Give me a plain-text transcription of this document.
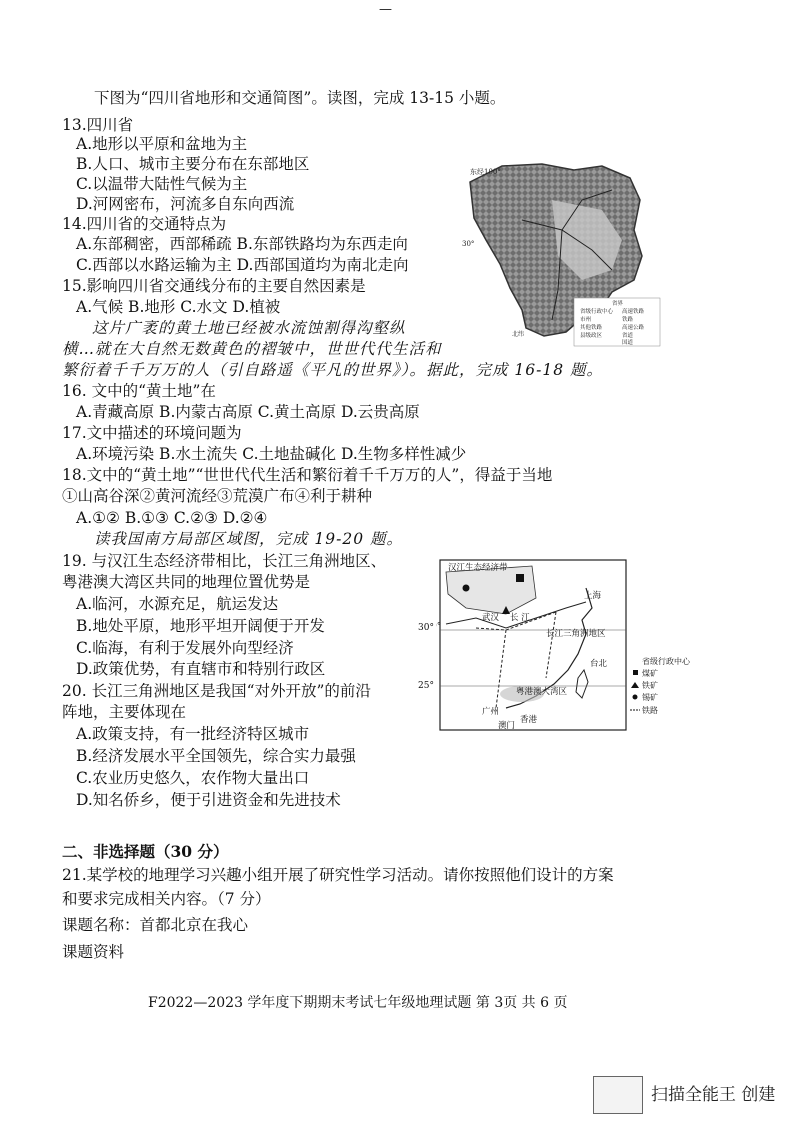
—
下图为“四川省地形和交通简图”。读图，完成 13-15 小题。
13.四川省
A.地形以平原和盆地为主
B.人口、城市主要分布在东部地区
C.以温带大陆性气候为主
D.河网密布，河流多自东向西流
14.四川省的交通特点为
A.东部稠密，西部稀疏 B.东部铁路均为东西走向
C.西部以水路运输为主 D.西部国道均为南北走向
15.影响四川省交通线分布的主要自然因素是
A.气候 B.地形 C.水文 D.植被
这片广袤的黄土地已经被水流蚀割得沟壑纵
横…就在大自然无数黄色的褶皱中，世世代代生活和
繁衍着千千万万的人（引自路遥《平凡的世界》）。据此，完成 16-18 题。
16. 文中的“黄土地”在
A.青藏高原 B.内蒙古高原 C.黄土高原 D.云贵高原
17.文中描述的环境问题为
A.环境污染 B.水土流失 C.土地盐碱化 D.生物多样性减少
18.文中的“黄土地”“世世代代生活和繁衍着千千万万的人”，得益于当地
①山高谷深②黄河流经③荒漠广布④利于耕种
A.①② B.①③ C.②③ D.②④
读我国南方局部区域图，完成 19-20 题。
19. 与汉江生态经济带相比，长江三角洲地区、
粤港澳大湾区共同的地理位置优势是
A.临河，水源充足，航运发达
B.地处平原，地形平坦开阔便于开发
C.临海，有利于发展外向型经济
D.政策优势，有直辖市和特别行政区
20. 长江三角洲地区是我国“对外开放”的前沿
阵地，主要体现在
A.政策支持，有一批经济特区城市
B.经济发展水平全国领先，综合实力最强
C.农业历史悠久，农作物大量出口
D.知名侨乡，便于引进资金和先进技术
二、非选择题（30 分）
21.某学校的地理学习兴趣小组开展了研究性学习活动。请你按照他们设计的方案
和要求完成相关内容。（7 分）
课题名称：首都北京在我心
课题资料
F2022—2023 学年度下期期末考试七年级地理试题 第 3页 共 6 页
东经100°
30°
北纬
省界
省级行政中心 高速铁路
市州	铁路
其他铁路	高速公路
县级政区	省道
国道
汉江生态经济带
武汉
上海
台北
广州
香港
澳门
长 江
长江三角洲地区
粤港澳大湾区
°
省级行政中心
煤矿
铁矿
锡矿
铁路
30°
25°
扫描全能王 创建
